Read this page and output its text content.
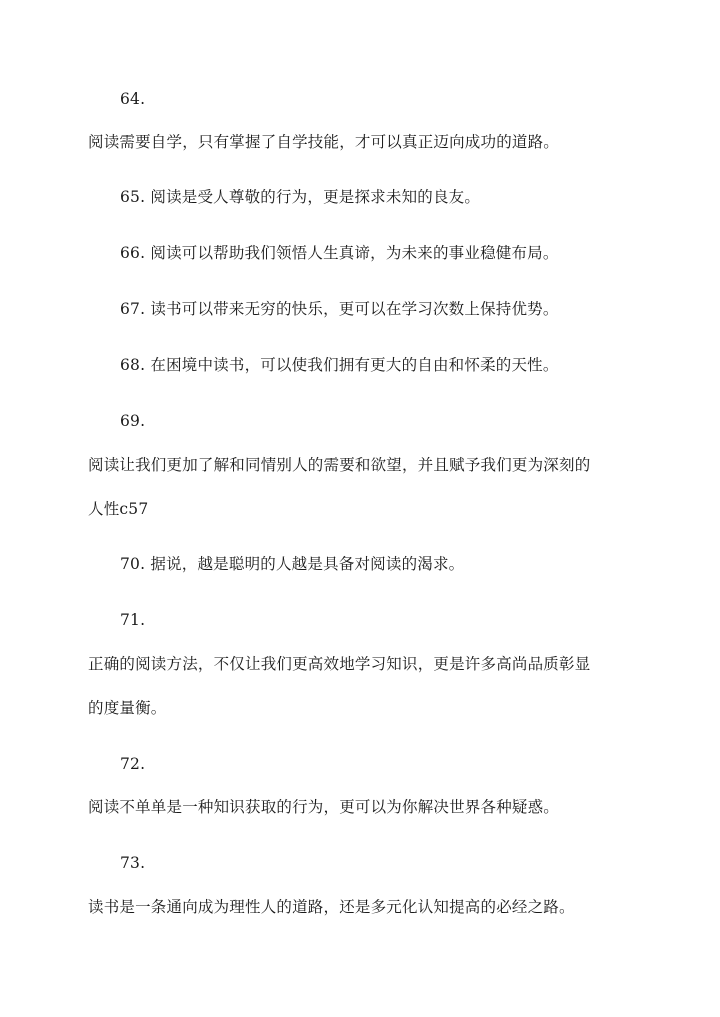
64.
阅读需要自学，只有掌握了自学技能，才可以真正迈向成功的道路。
65. 阅读是受人尊敬的行为，更是探求未知的良友。
66. 阅读可以帮助我们领悟人生真谛，为未来的事业稳健布局。
67. 读书可以带来无穷的快乐，更可以在学习次数上保持优势。
68. 在困境中读书，可以使我们拥有更大的自由和怀柔的天性。
69.
阅读让我们更加了解和同情别人的需要和欲望，并且赋予我们更为深刻的
人性c57
70. 据说，越是聪明的人越是具备对阅读的渴求。
71.
正确的阅读方法，不仅让我们更高效地学习知识，更是许多高尚品质彰显
的度量衡。
72.
阅读不单单是一种知识获取的行为，更可以为你解决世界各种疑惑。
73.
读书是一条通向成为理性人的道路，还是多元化认知提高的必经之路。
